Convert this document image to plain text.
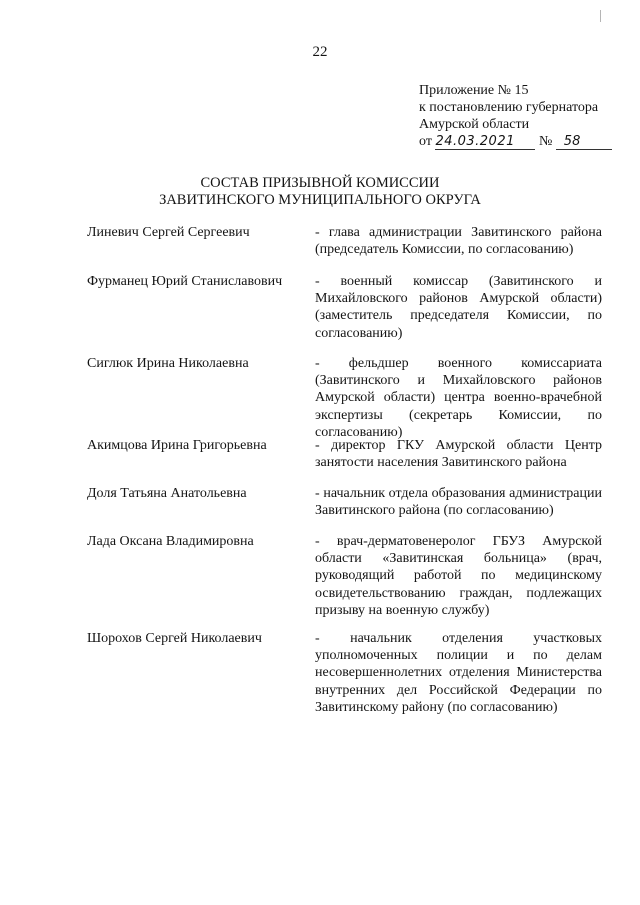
22
Приложение № 15
к постановлению губернатора
Амурской области
от 24.03.2021 № 58
СОСТАВ ПРИЗЫВНОЙ КОМИССИИ
ЗАВИТИНСКОГО МУНИЦИПАЛЬНОГО ОКРУГА
Линевич Сергей Сергеевич	- глава администрации Завитинского района (председатель Комиссии, по согласованию)
Фурманец Юрий Станиславович	- военный комиссар (Завитинского и Михайловского районов Амурской области) (заместитель председателя Комиссии, по согласованию)
Сиглюк Ирина Николаевна	- фельдшер военного комиссариата (Завитинского и Михайловского районов Амурской области) центра военно-врачебной экспертизы (секретарь Комиссии, по согласованию)
Акимцова Ирина Григорьевна	- директор ГКУ Амурской области Центр занятости населения Завитинского района
Доля Татьяна Анатольевна	- начальник отдела образования администрации Завитинского района (по согласованию)
Лада Оксана Владимировна	- врач-дерматовенеролог ГБУЗ Амурской области «Завитинская больница» (врач, руководящий работой по медицинскому освидетельствованию граждан, подлежащих призыву на военную службу)
Шорохов Сергей Николаевич	- начальник отделения участковых уполномоченных полиции и по делам несовершеннолетних отделения Министерства внутренних дел Российской Федерации по Завитинскому району (по согласованию)
